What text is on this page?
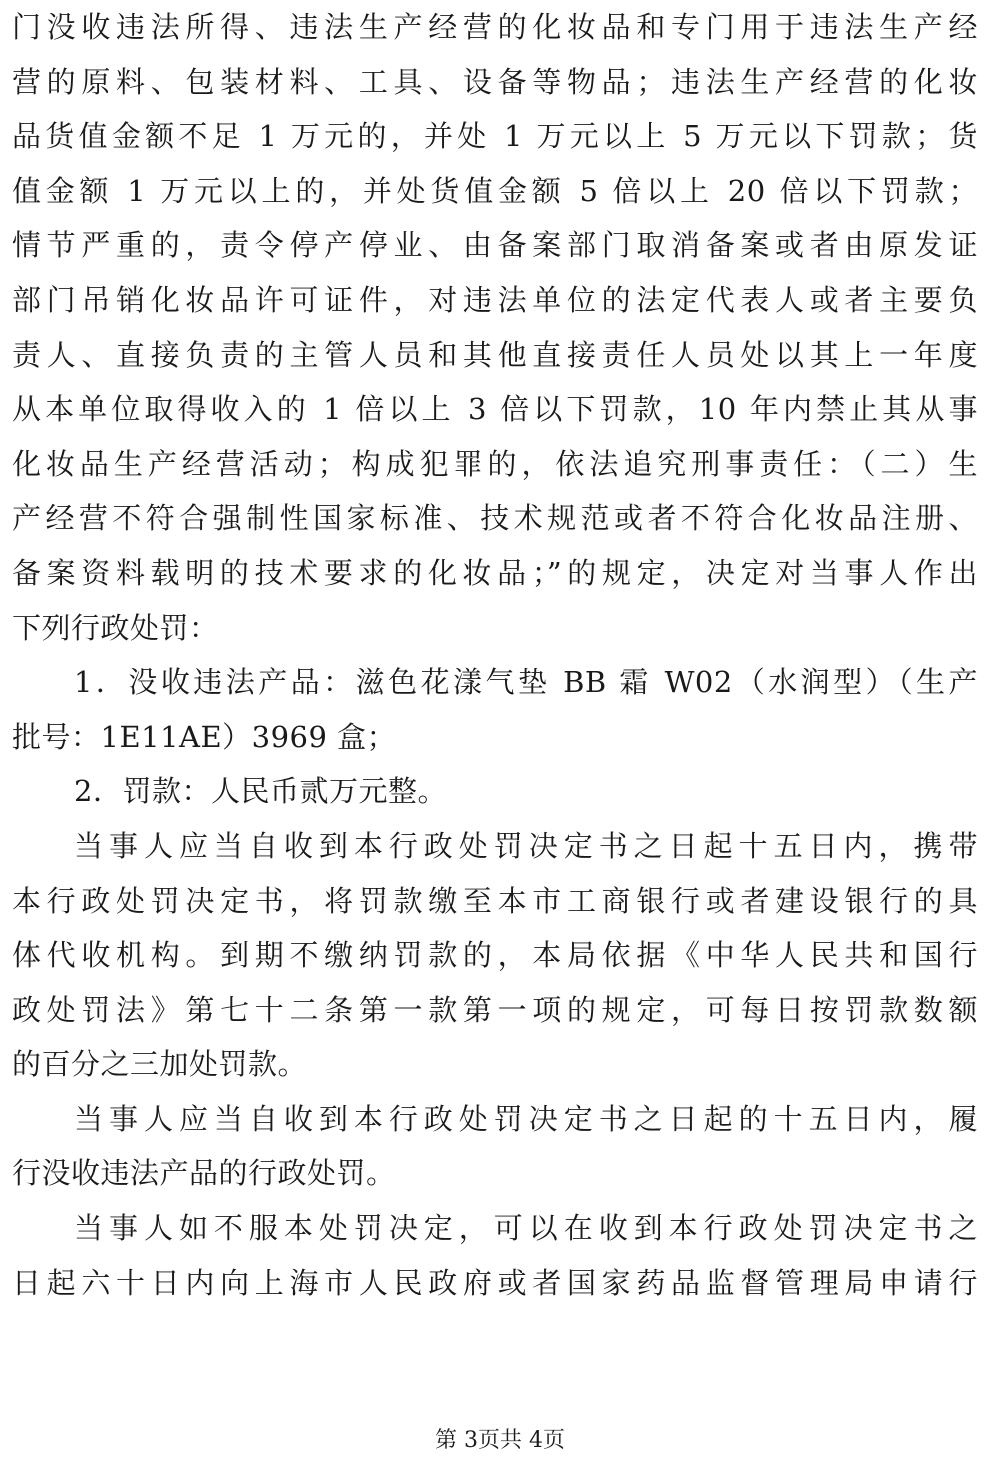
门没收违法所得、违法生产经营的化妆品和专门用于违法生产经
营的原料、包装材料、工具、设备等物品；违法生产经营的化妆
品货值金额不足 1 万元的，并处 1 万元以上 5 万元以下罚款；货
值金额 1 万元以上的，并处货值金额 5 倍以上 20 倍以下罚款；
情节严重的，责令停产停业、由备案部门取消备案或者由原发证
部门吊销化妆品许可证件，对违法单位的法定代表人或者主要负
责人、直接负责的主管人员和其他直接责任人员处以其上一年度
从本单位取得收入的 1 倍以上 3 倍以下罚款，10 年内禁止其从事
化妆品生产经营活动；构成犯罪的，依法追究刑事责任：（二）生
产经营不符合强制性国家标准、技术规范或者不符合化妆品注册、
备案资料载明的技术要求的化妆品；”的规定，决定对当事人作出
下列行政处罚：
1．没收违法产品：滋色花漾气垫 BB 霜 W02（水润型）（生产
批号：1E11AE）3969 盒；
2．罚款：人民币贰万元整。
当事人应当自收到本行政处罚决定书之日起十五日内，携带
本行政处罚决定书，将罚款缴至本市工商银行或者建设银行的具
体代收机构。到期不缴纳罚款的，本局依据《中华人民共和国行
政处罚法》第七十二条第一款第一项的规定，可每日按罚款数额
的百分之三加处罚款。
当事人应当自收到本行政处罚决定书之日起的十五日内，履
行没收违法产品的行政处罚。
当事人如不服本处罚决定，可以在收到本行政处罚决定书之
日起六十日内向上海市人民政府或者国家药品监督管理局申请行
第 3页共 4页
